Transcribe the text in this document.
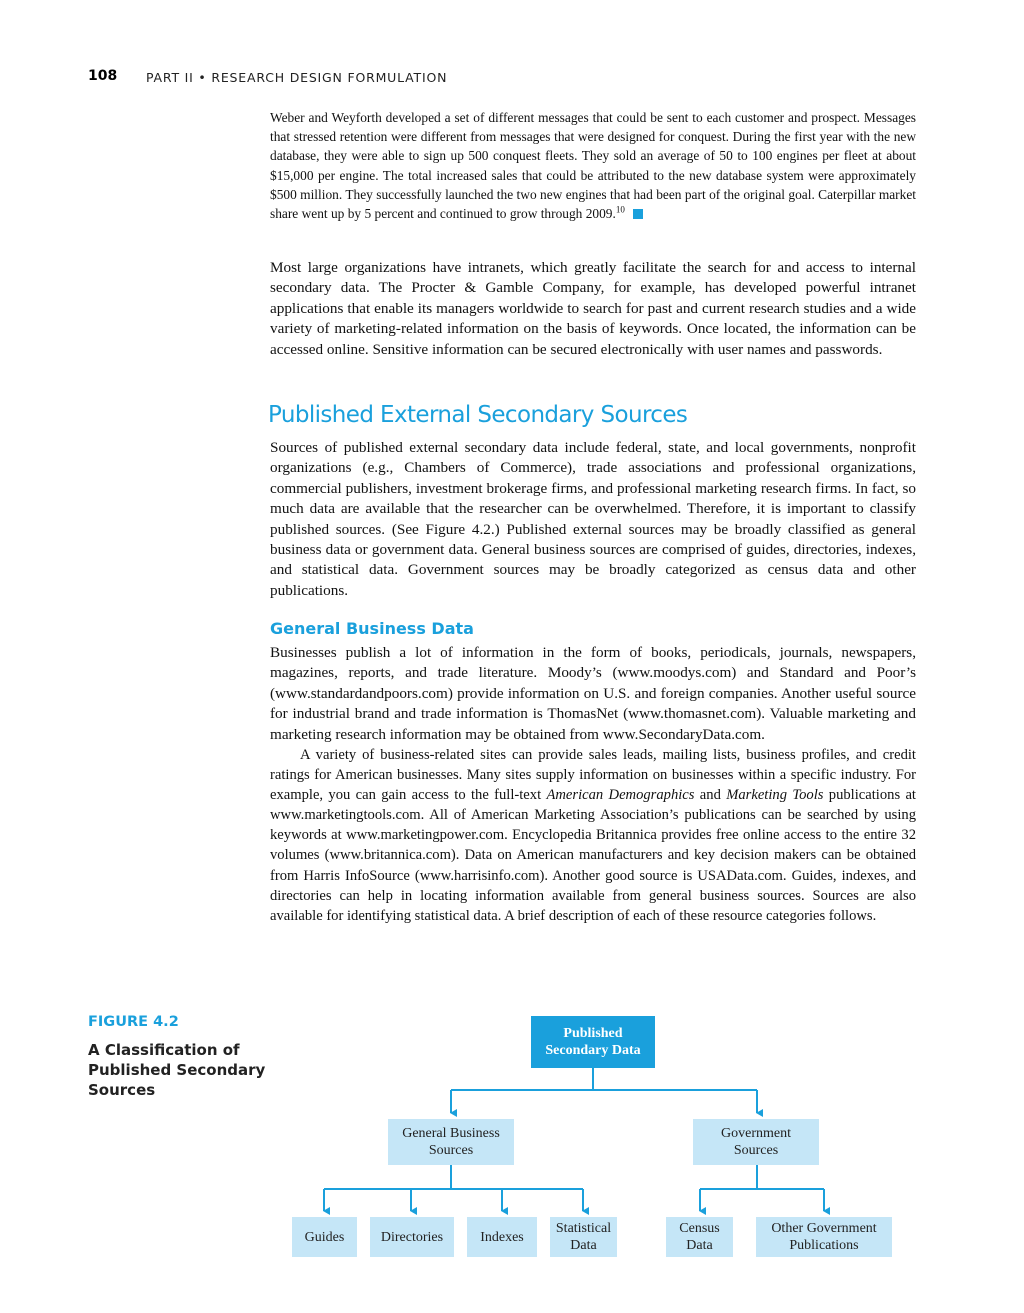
108 PART II • RESEARCH DESIGN FORMULATION

Weber and Weyforth developed a set of different messages that could be sent to each customer and prospect. Messages that stressed retention were different from messages that were designed for conquest. During the first year with the new database, they were able to sign up 500 conquest fleets. They sold an average of 50 to 100 engines per fleet at about $15,000 per engine. The total increased sales that could be attributed to the new database system were approximately $500 million. They successfully launched the two new engines that had been part of the original goal. Caterpillar market share went up by 5 percent and continued to grow through 2009.10

Most large organizations have intranets, which greatly facilitate the search for and access to internal secondary data. The Procter & Gamble Company, for example, has developed powerful intranet applications that enable its managers worldwide to search for past and current research studies and a wide variety of marketing-related information on the basis of keywords. Once located, the information can be accessed online. Sensitive information can be secured electronically with user names and passwords.

Published External Secondary Sources

Sources of published external secondary data include federal, state, and local governments, nonprofit organizations (e.g., Chambers of Commerce), trade associations and professional organizations, commercial publishers, investment brokerage firms, and professional marketing research firms. In fact, so much data are available that the researcher can be overwhelmed. Therefore, it is important to classify published sources. (See Figure 4.2.) Published external sources may be broadly classified as general business data or government data. General business sources are comprised of guides, directories, indexes, and statistical data. Government sources may be broadly categorized as census data and other publications.

General Business Data

Businesses publish a lot of information in the form of books, periodicals, journals, newspapers, magazines, reports, and trade literature. Moody’s (www.moodys.com) and Standard and Poor’s (www.standardandpoors.com) provide information on U.S. and foreign companies. Another useful source for industrial brand and trade information is ThomasNet (www.thomasnet.com). Valuable marketing and marketing research information may be obtained from www.SecondaryData.com.

A variety of business-related sites can provide sales leads, mailing lists, business profiles, and credit ratings for American businesses. Many sites supply information on businesses within a specific industry. For example, you can gain access to the full-text American Demographics and Marketing Tools publications at www.marketingtools.com. All of American Marketing Association’s publications can be searched by using keywords at www.marketingpower.com. Encyclopedia Britannica provides free online access to the entire 32 volumes (www.britannica.com). Data on American manufacturers and key decision makers can be obtained from Harris InfoSource (www.harrisinfo.com). Another good source is USAData.com. Guides, indexes, and directories can help in locating information available from general business sources. Sources are also available for identifying statistical data. A brief description of each of these resource categories follows.

FIGURE 4.2

A Classification of Published Secondary Sources

Published
Secondary Data
General Business
Sources
Government
Sources
Guides	Directories	Indexes
Statistical
Data
Census
Data
Other Government
Publications
